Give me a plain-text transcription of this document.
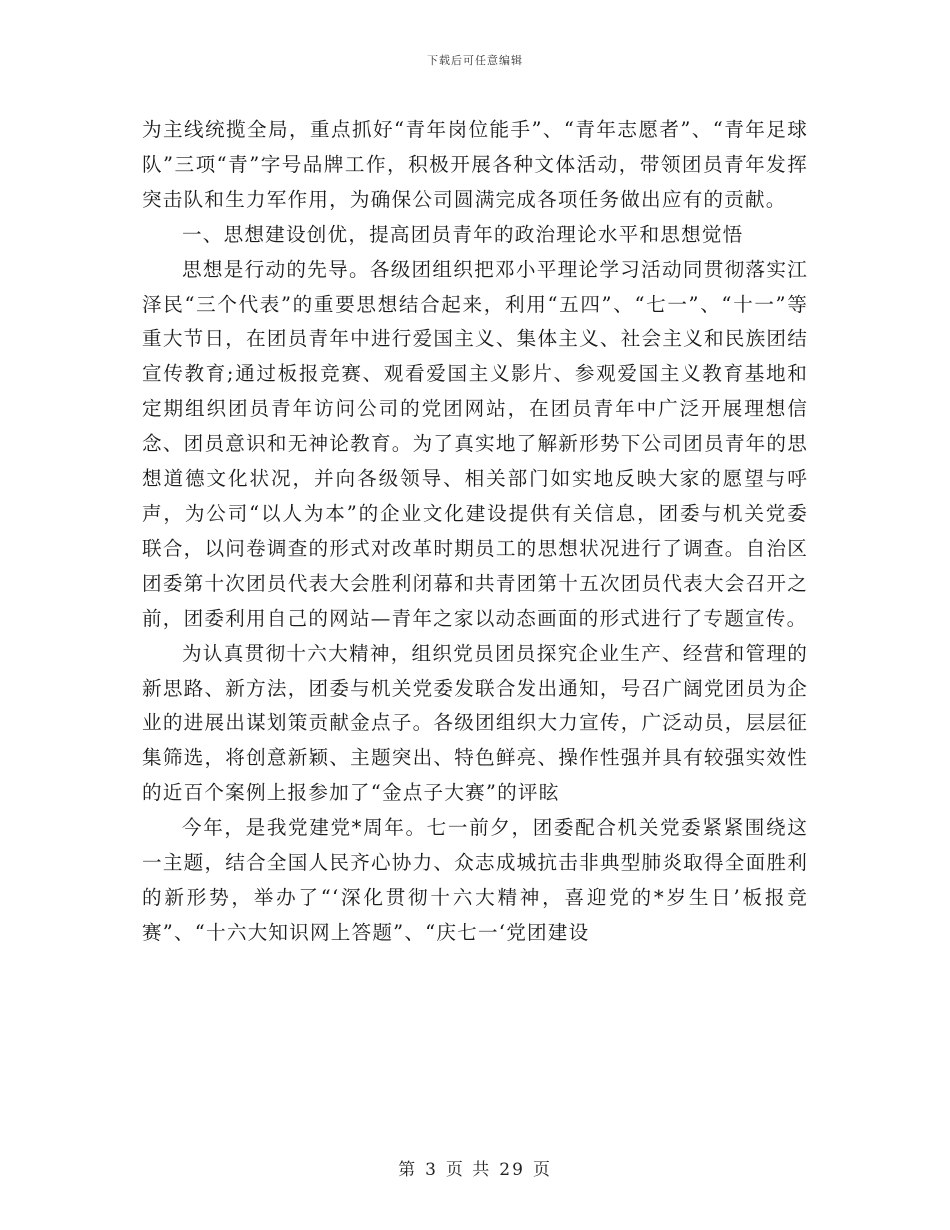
下载后可任意编辑

为主线统揽全局，重点抓好“青年岗位能手”、“青年志愿者”、“青年足球队”三项“青”字号品牌工作，积极开展各种文体活动，带领团员青年发挥突击队和生力军作用，为确保公司圆满完成各项任务做出应有的贡献。

一、思想建设创优，提高团员青年的政治理论水平和思想觉悟

思想是行动的先导。各级团组织把邓小平理论学习活动同贯彻落实江泽民“三个代表”的重要思想结合起来，利用“五四”、“七一”、“十一”等重大节日，在团员青年中进行爱国主义、集体主义、社会主义和民族团结宣传教育;通过板报竞赛、观看爱国主义影片、参观爱国主义教育基地和定期组织团员青年访问公司的党团网站，在团员青年中广泛开展理想信念、团员意识和无神论教育。为了真实地了解新形势下公司团员青年的思想道德文化状况，并向各级领导、相关部门如实地反映大家的愿望与呼声，为公司“以人为本”的企业文化建设提供有关信息，团委与机关党委联合，以问卷调查的形式对改革时期员工的思想状况进行了调查。自治区团委第十次团员代表大会胜利闭幕和共青团第十五次团员代表大会召开之前，团委利用自己的网站—青年之家以动态画面的形式进行了专题宣传。

为认真贯彻十六大精神，组织党员团员探究企业生产、经营和管理的新思路、新方法，团委与机关党委发联合发出通知，号召广阔党团员为企业的进展出谋划策贡献金点子。各级团组织大力宣传，广泛动员，层层征集筛选，将创意新颖、主题突出、特色鲜亮、操作性强并具有较强实效性的近百个案例上报参加了“金点子大赛”的评眩

今年，是我党建党*周年。七一前夕，团委配合机关党委紧紧围绕这一主题，结合全国人民齐心协力、众志成城抗击非典型肺炎取得全面胜利的新形势，举办了“‘深化贯彻十六大精神，喜迎党的*岁生日’板报竞赛”、“十六大知识网上答题”、“庆七一‘党团建设

第 3 页 共 29 页
